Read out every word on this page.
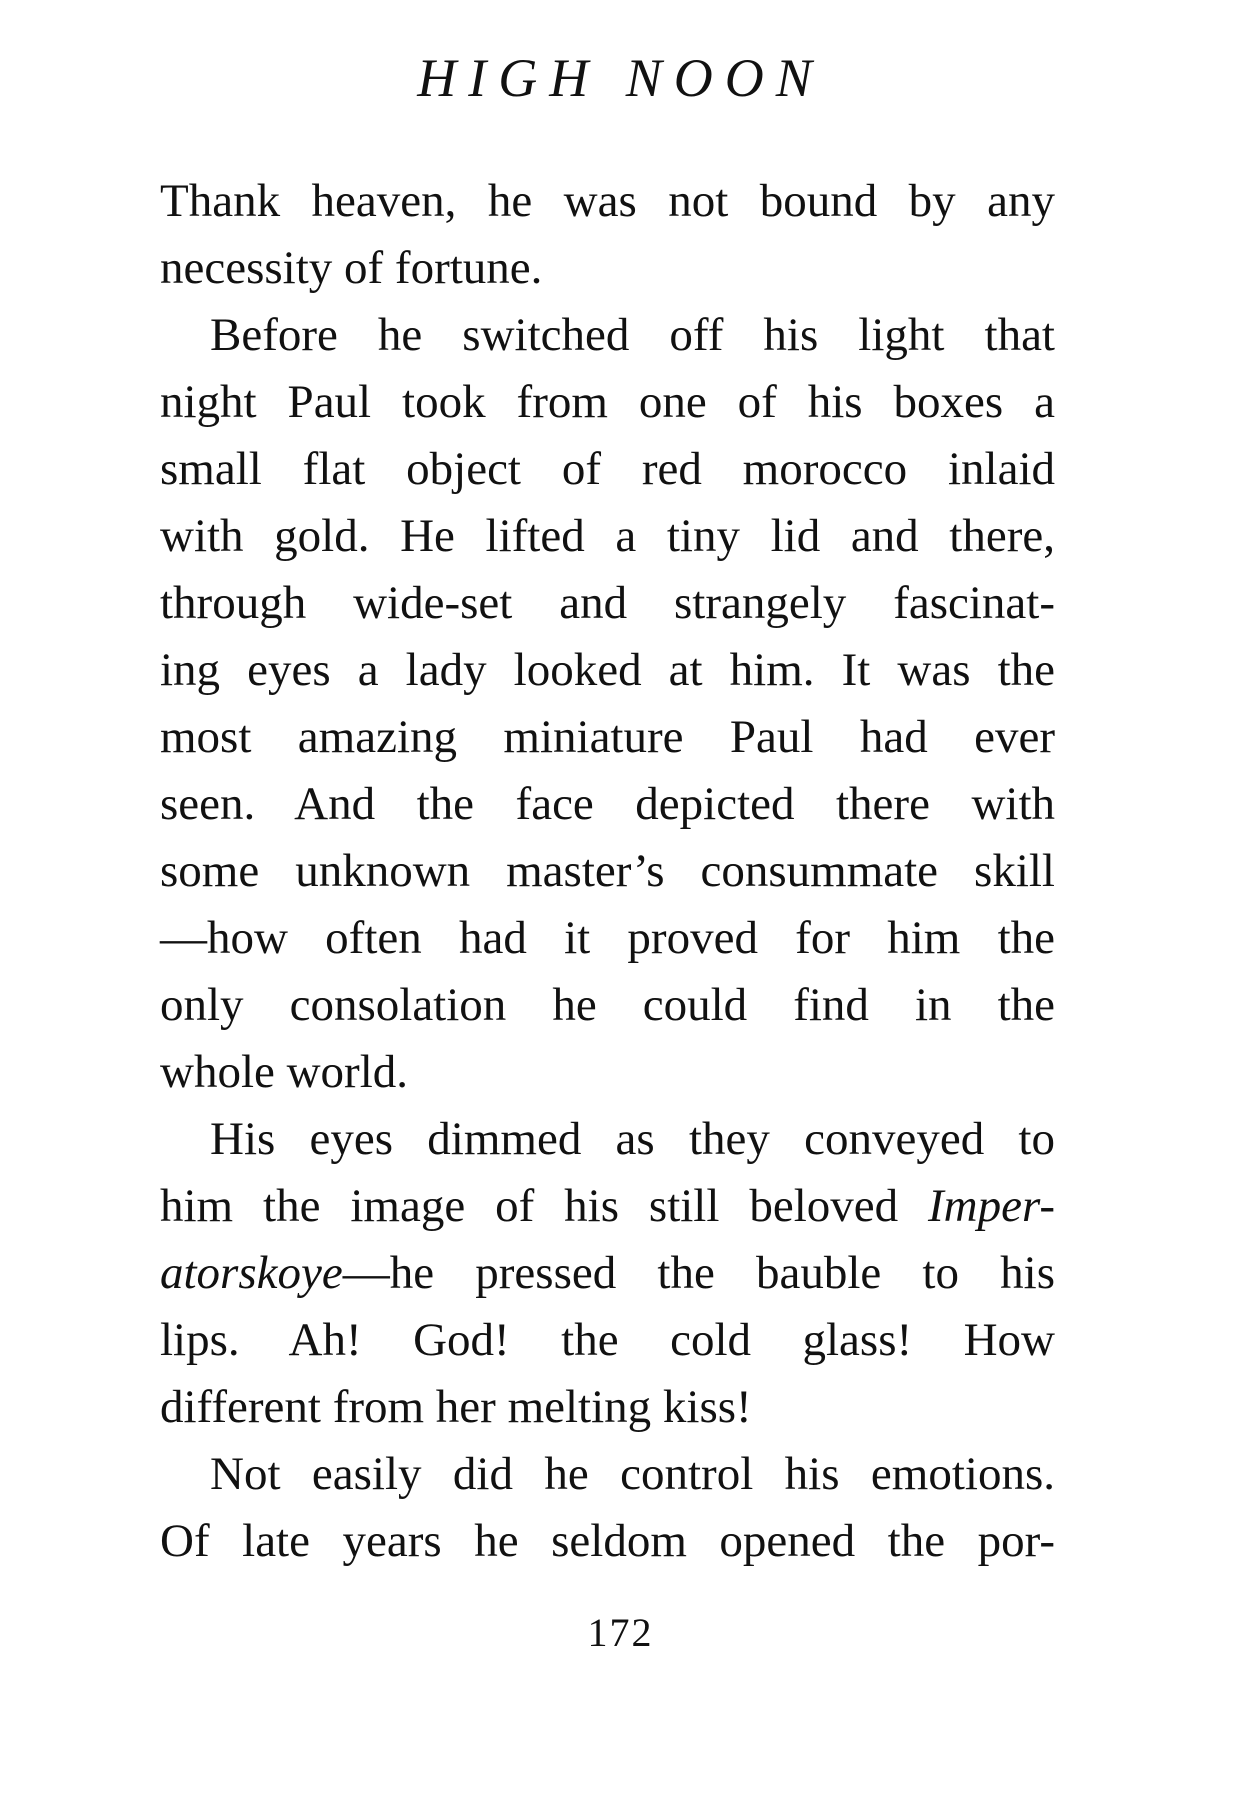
HIGH NOON
Thank heaven, he was not bound by any
necessity of fortune.
Before he switched off his light that
night Paul took from one of his boxes a
small flat object of red morocco inlaid
with gold. He lifted a tiny lid and there,
through wide-set and strangely fascinat-
ing eyes a lady looked at him. It was the
most amazing miniature Paul had ever
seen. And the face depicted there with
some unknown master’s consummate skill
—how often had it proved for him the
only consolation he could find in the
whole world.
His eyes dimmed as they conveyed to
him the image of his still beloved Imper-
atorskoye—he pressed the bauble to his
lips. Ah! God! the cold glass! How
different from her melting kiss!
Not easily did he control his emotions.
Of late years he seldom opened the por-
172
